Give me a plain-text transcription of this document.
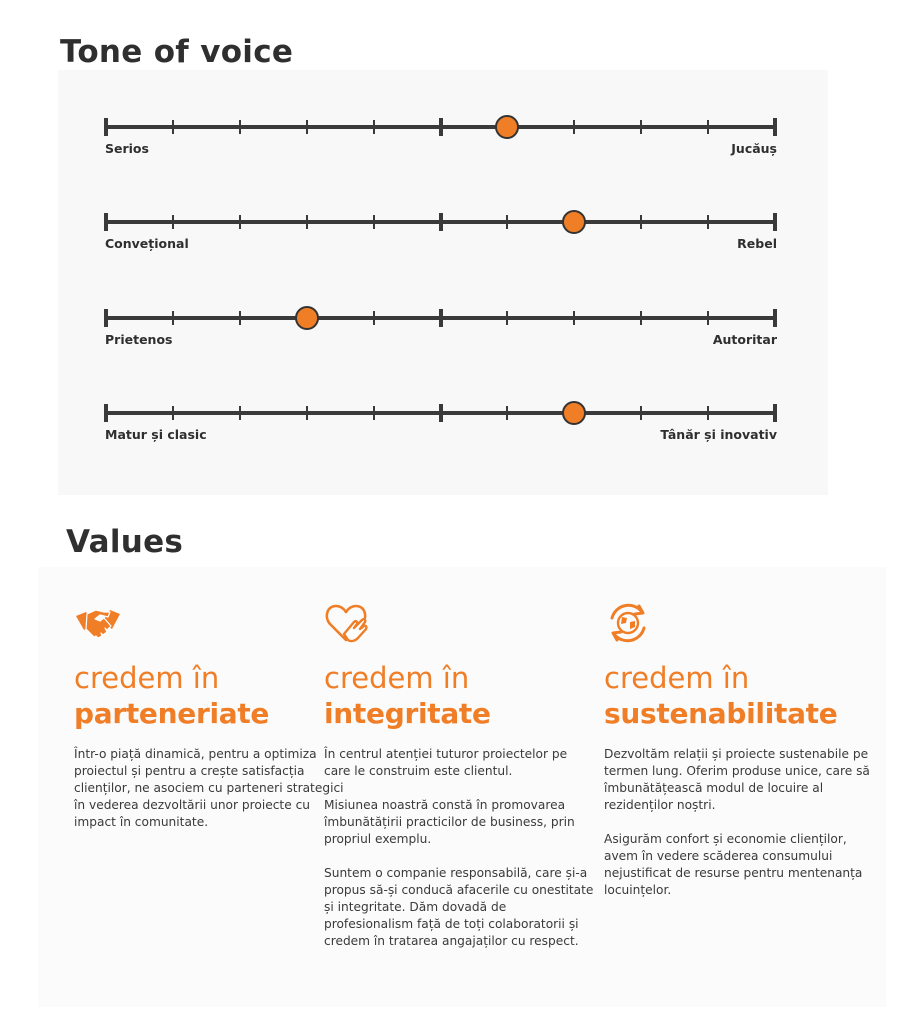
Tone of voice
Serios	Jucăuș
Convețional	Rebel
Prietenos	Autoritar
Matur și clasic	Tânăr și inovativ
Values
credem în
parteneriate

Într-o piață dinamică, pentru a optimiza proiectul și pentru a crește satisfacția clienților, ne asociem cu parteneri strategici în vederea dezvoltării unor proiecte cu impact în comunitate.

credem în
integritate

În centrul atenției tuturor proiectelor pe care le construim este clientul.

Misiunea noastră constă în promovarea îmbunătățirii practicilor de business, prin propriul exemplu.

Suntem o companie responsabilă, care și-a propus să-și conducă afacerile cu onestitate și integritate. Dăm dovadă de profesionalism față de toți colaboratorii și credem în tratarea angajaților cu respect.

credem în
sustenabilitate

Dezvoltăm relații și proiecte sustenabile pe termen lung. Oferim produse unice, care să îmbunătățească modul de locuire al rezidenților noștri.

Asigurăm confort și economie clienților, avem în vedere scăderea consumului nejustificat de resurse pentru mentenanța locuințelor.
